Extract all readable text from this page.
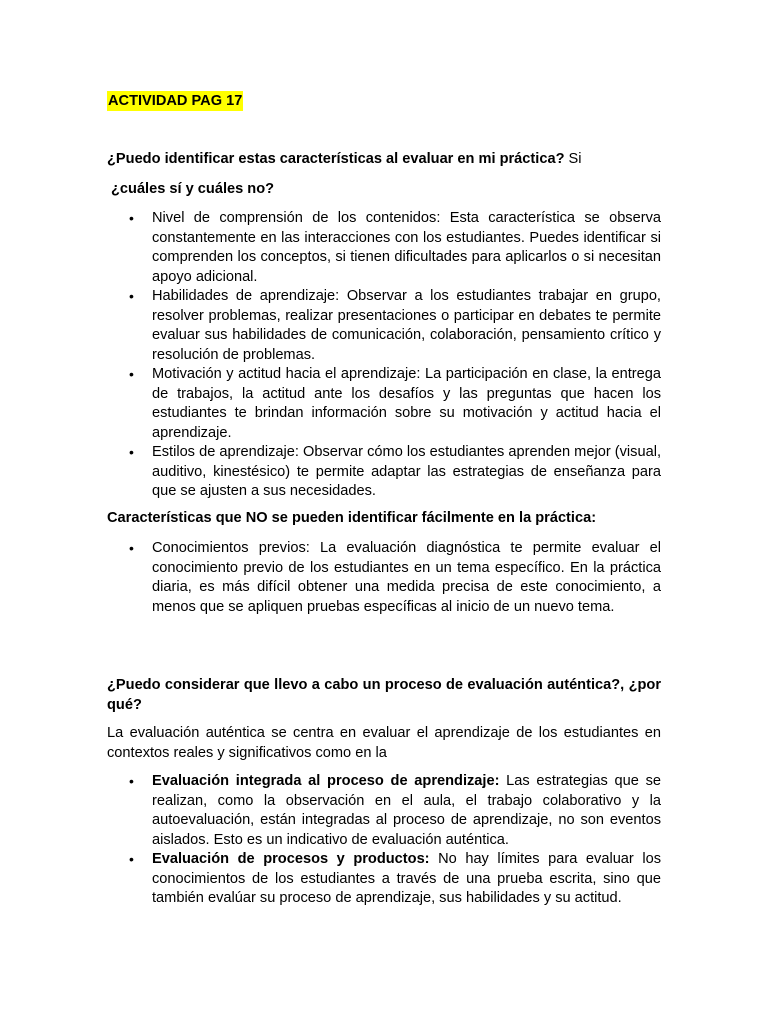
ACTIVIDAD PAG 17
¿Puedo identificar estas características al evaluar en mi práctica? Si
¿cuáles sí y cuáles no?
• Nivel de comprensión de los contenidos: Esta característica se observa constantemente en las interacciones con los estudiantes. Puedes identificar si comprenden los conceptos, si tienen dificultades para aplicarlos o si necesitan apoyo adicional.
• Habilidades de aprendizaje: Observar a los estudiantes trabajar en grupo, resolver problemas, realizar presentaciones o participar en debates te permite evaluar sus habilidades de comunicación, colaboración, pensamiento crítico y resolución de problemas.
• Motivación y actitud hacia el aprendizaje: La participación en clase, la entrega de trabajos, la actitud ante los desafíos y las preguntas que hacen los estudiantes te brindan información sobre su motivación y actitud hacia el aprendizaje.
• Estilos de aprendizaje: Observar cómo los estudiantes aprenden mejor (visual, auditivo, kinestésico) te permite adaptar las estrategias de enseñanza para que se ajusten a sus necesidades.
Características que NO se pueden identificar fácilmente en la práctica:
• Conocimientos previos: La evaluación diagnóstica te permite evaluar el conocimiento previo de los estudiantes en un tema específico. En la práctica diaria, es más difícil obtener una medida precisa de este conocimiento, a menos que se apliquen pruebas específicas al inicio de un nuevo tema.
¿Puedo considerar que llevo a cabo un proceso de evaluación auténtica?, ¿por qué?
La evaluación auténtica se centra en evaluar el aprendizaje de los estudiantes en contextos reales y significativos como en la
• Evaluación integrada al proceso de aprendizaje: Las estrategias que se realizan, como la observación en el aula, el trabajo colaborativo y la autoevaluación, están integradas al proceso de aprendizaje, no son eventos aislados. Esto es un indicativo de evaluación auténtica.
• Evaluación de procesos y productos: No hay límites para evaluar los conocimientos de los estudiantes a través de una prueba escrita, sino que también evalúar su proceso de aprendizaje, sus habilidades y su actitud.
